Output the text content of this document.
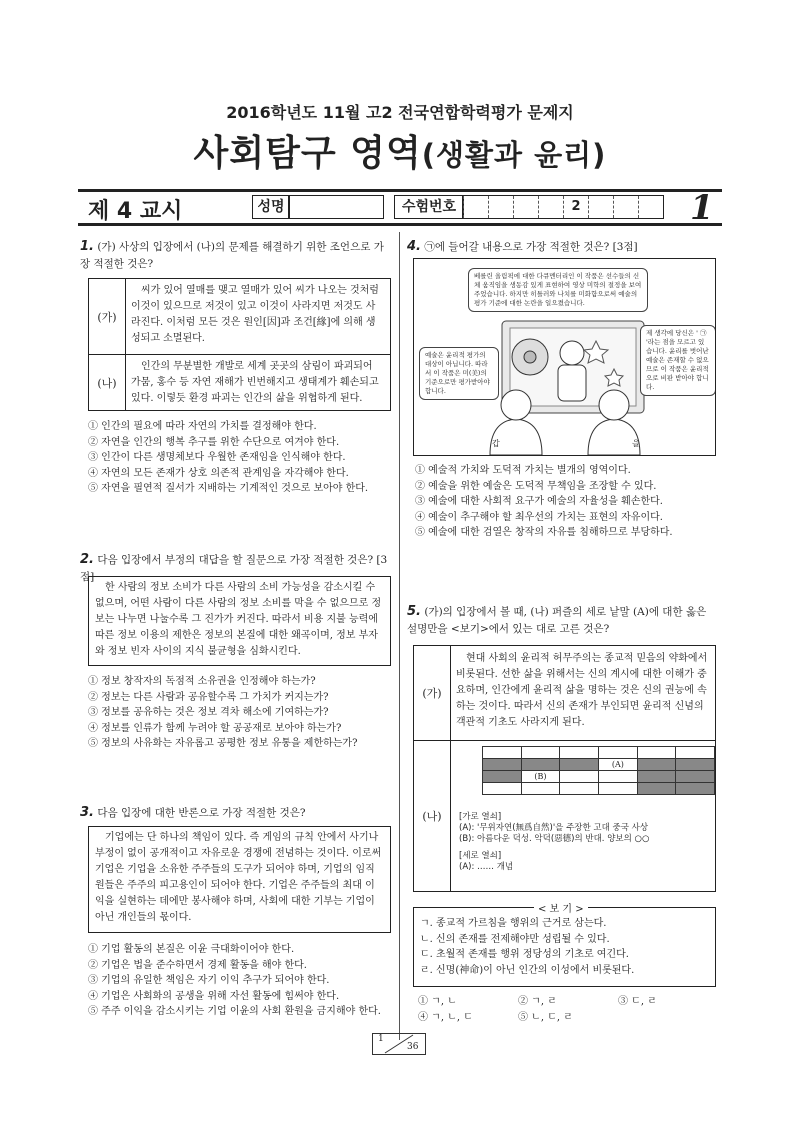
2016학년도 11월 고2 전국연합학력평가 문제지
사회탐구 영역(생활과 윤리)
제 4 교시	성명	수험번호	2	1
1. (가) 사상의 입장에서 (나)의 문제를 해결하기 위한 조언으로 가장 적절한 것은?
(가)
씨가 있어 열매를 맺고 열매가 있어 씨가 나오는 것처럼 이것이 있으므로 저것이 있고 이것이 사라지면 저것도 사라진다. 이처럼 모든 것은 원인[因]과 조건[緣]에 의해 생성되고 소멸된다.
(나)
인간의 무분별한 개발로 세계 곳곳의 삼림이 파괴되어 가뭄, 홍수 등 자연 재해가 빈번해지고 생태계가 훼손되고 있다. 이렇듯 환경 파괴는 인간의 삶을 위협하게 된다.
① 인간의 필요에 따라 자연의 가치를 결정해야 한다.
② 자연을 인간의 행복 추구를 위한 수단으로 여겨야 한다.
③ 인간이 다른 생명체보다 우월한 존재임을 인식해야 한다.
④ 자연의 모든 존재가 상호 의존적 관계임을 자각해야 한다.
⑤ 자연을 필연적 질서가 지배하는 기계적인 것으로 보아야 한다.
2. 다음 입장에서 부정의 대답을 할 질문으로 가장 적절한 것은? [3점]
한 사람의 정보 소비가 다른 사람의 소비 가능성을 감소시킬 수 없으며, 어떤 사람이 다른 사람의 정보 소비를 막을 수 없으므로 정보는 나누면 나눌수록 그 진가가 커진다. 따라서 비용 지불 능력에 따른 정보 이용의 제한은 정보의 본질에 대한 왜곡이며, 정보 부자와 정보 빈자 사이의 지식 불균형을 심화시킨다.
① 정보 창작자의 독점적 소유권을 인정해야 하는가?
② 정보는 다른 사람과 공유할수록 그 가치가 커지는가?
③ 정보를 공유하는 것은 정보 격차 해소에 기여하는가?
④ 정보를 인류가 함께 누려야 할 공공재로 보아야 하는가?
⑤ 정보의 사유화는 자유롭고 공평한 정보 유통을 제한하는가?
3. 다음 입장에 대한 반론으로 가장 적절한 것은?
기업에는 단 하나의 책임이 있다. 즉 게임의 규칙 안에서 사기나 부정이 없이 공개적이고 자유로운 경쟁에 전념하는 것이다. 이로써 기업은 기업을 소유한 주주들의 도구가 되어야 하며, 기업의 임직원들은 주주의 피고용인이 되어야 한다. 기업은 주주들의 최대 이익을 실현하는 데에만 봉사해야 하며, 사회에 대한 기부는 기업이 아닌 개인들의 몫이다.
① 기업 활동의 본질은 이윤 극대화이어야 한다.
② 기업은 법을 준수하면서 경제 활동을 해야 한다.
③ 기업의 유일한 책임은 자기 이익 추구가 되어야 한다.
④ 기업은 사회화의 공생을 위해 자선 활동에 힘써야 한다.
⑤ 주주 이익을 감소시키는 기업 이윤의 사회 환원을 금지해야 한다.
4. ㉠에 들어갈 내용으로 가장 적절한 것은? [3점]
베를린 올림픽에 대한 다큐멘터리인 이 작품은 선수들의 신체 움직임을 생동감 있게 표현하여 영상 미학의 절정을 보여주었습니다. 하지만 히틀러와 나치를 미화함으로써 예술의 평가 기준에 대한 논란을 일으켰습니다.
예술은 윤리적 평가의 대상이 아닙니다. 따라서 이 작품은 미(美)의 기준으로만 평가받아야 합니다.
제 생각에 당신은 ' ㉠ '라는 점을 모르고 있습니다. 윤리를 벗어난 예술은 존재할 수 없으므로 이 작품은 윤리적으로 비판 받아야 합니다.
갑	을
① 예술적 가치와 도덕적 가치는 별개의 영역이다.
② 예술을 위한 예술은 도덕적 무책임을 조장할 수 있다.
③ 예술에 대한 사회적 요구가 예술의 자율성을 훼손한다.
④ 예술이 추구해야 할 최우선의 가치는 표현의 자유이다.
⑤ 예술에 대한 검열은 창작의 자유를 침해하므로 부당하다.
5. (가)의 입장에서 볼 때, (나) 퍼즐의 세로 낱말 (A)에 대한 옳은 설명만을 <보기>에서 있는 대로 고른 것은?
(가)
현대 사회의 윤리적 허무주의는 종교적 믿음의 약화에서 비롯된다. 선한 삶을 위해서는 신의 계시에 대한 이해가 중요하며, 인간에게 윤리적 삶을 명하는 것은 신의 권능에 속하는 것이다. 따라서 신의 존재가 부인되면 윤리적 신념의 객관적 기초도 사라지게 된다.
(나)

			(A)		
	(B)				

[가로 열쇠]
(A): '무위자연(無爲自然)'을 주장한 고대 중국 사상
(B): 아름다운 덕성. 악덕(惡德)의 반대. 양보의 ○○
[세로 열쇠]
(A): …… 개념
< 보 기 >
ㄱ. 종교적 가르침을 행위의 근거로 삼는다.
ㄴ. 신의 존재를 전제해야만 성립될 수 있다.
ㄷ. 초월적 존재를 행위 정당성의 기초로 여긴다.
ㄹ. 신명(神命)이 아닌 인간의 이성에서 비롯된다.
① ㄱ, ㄴ	② ㄱ, ㄹ	③ ㄷ, ㄹ
④ ㄱ, ㄴ, ㄷ	⑤ ㄴ, ㄷ, ㄹ
1
36
